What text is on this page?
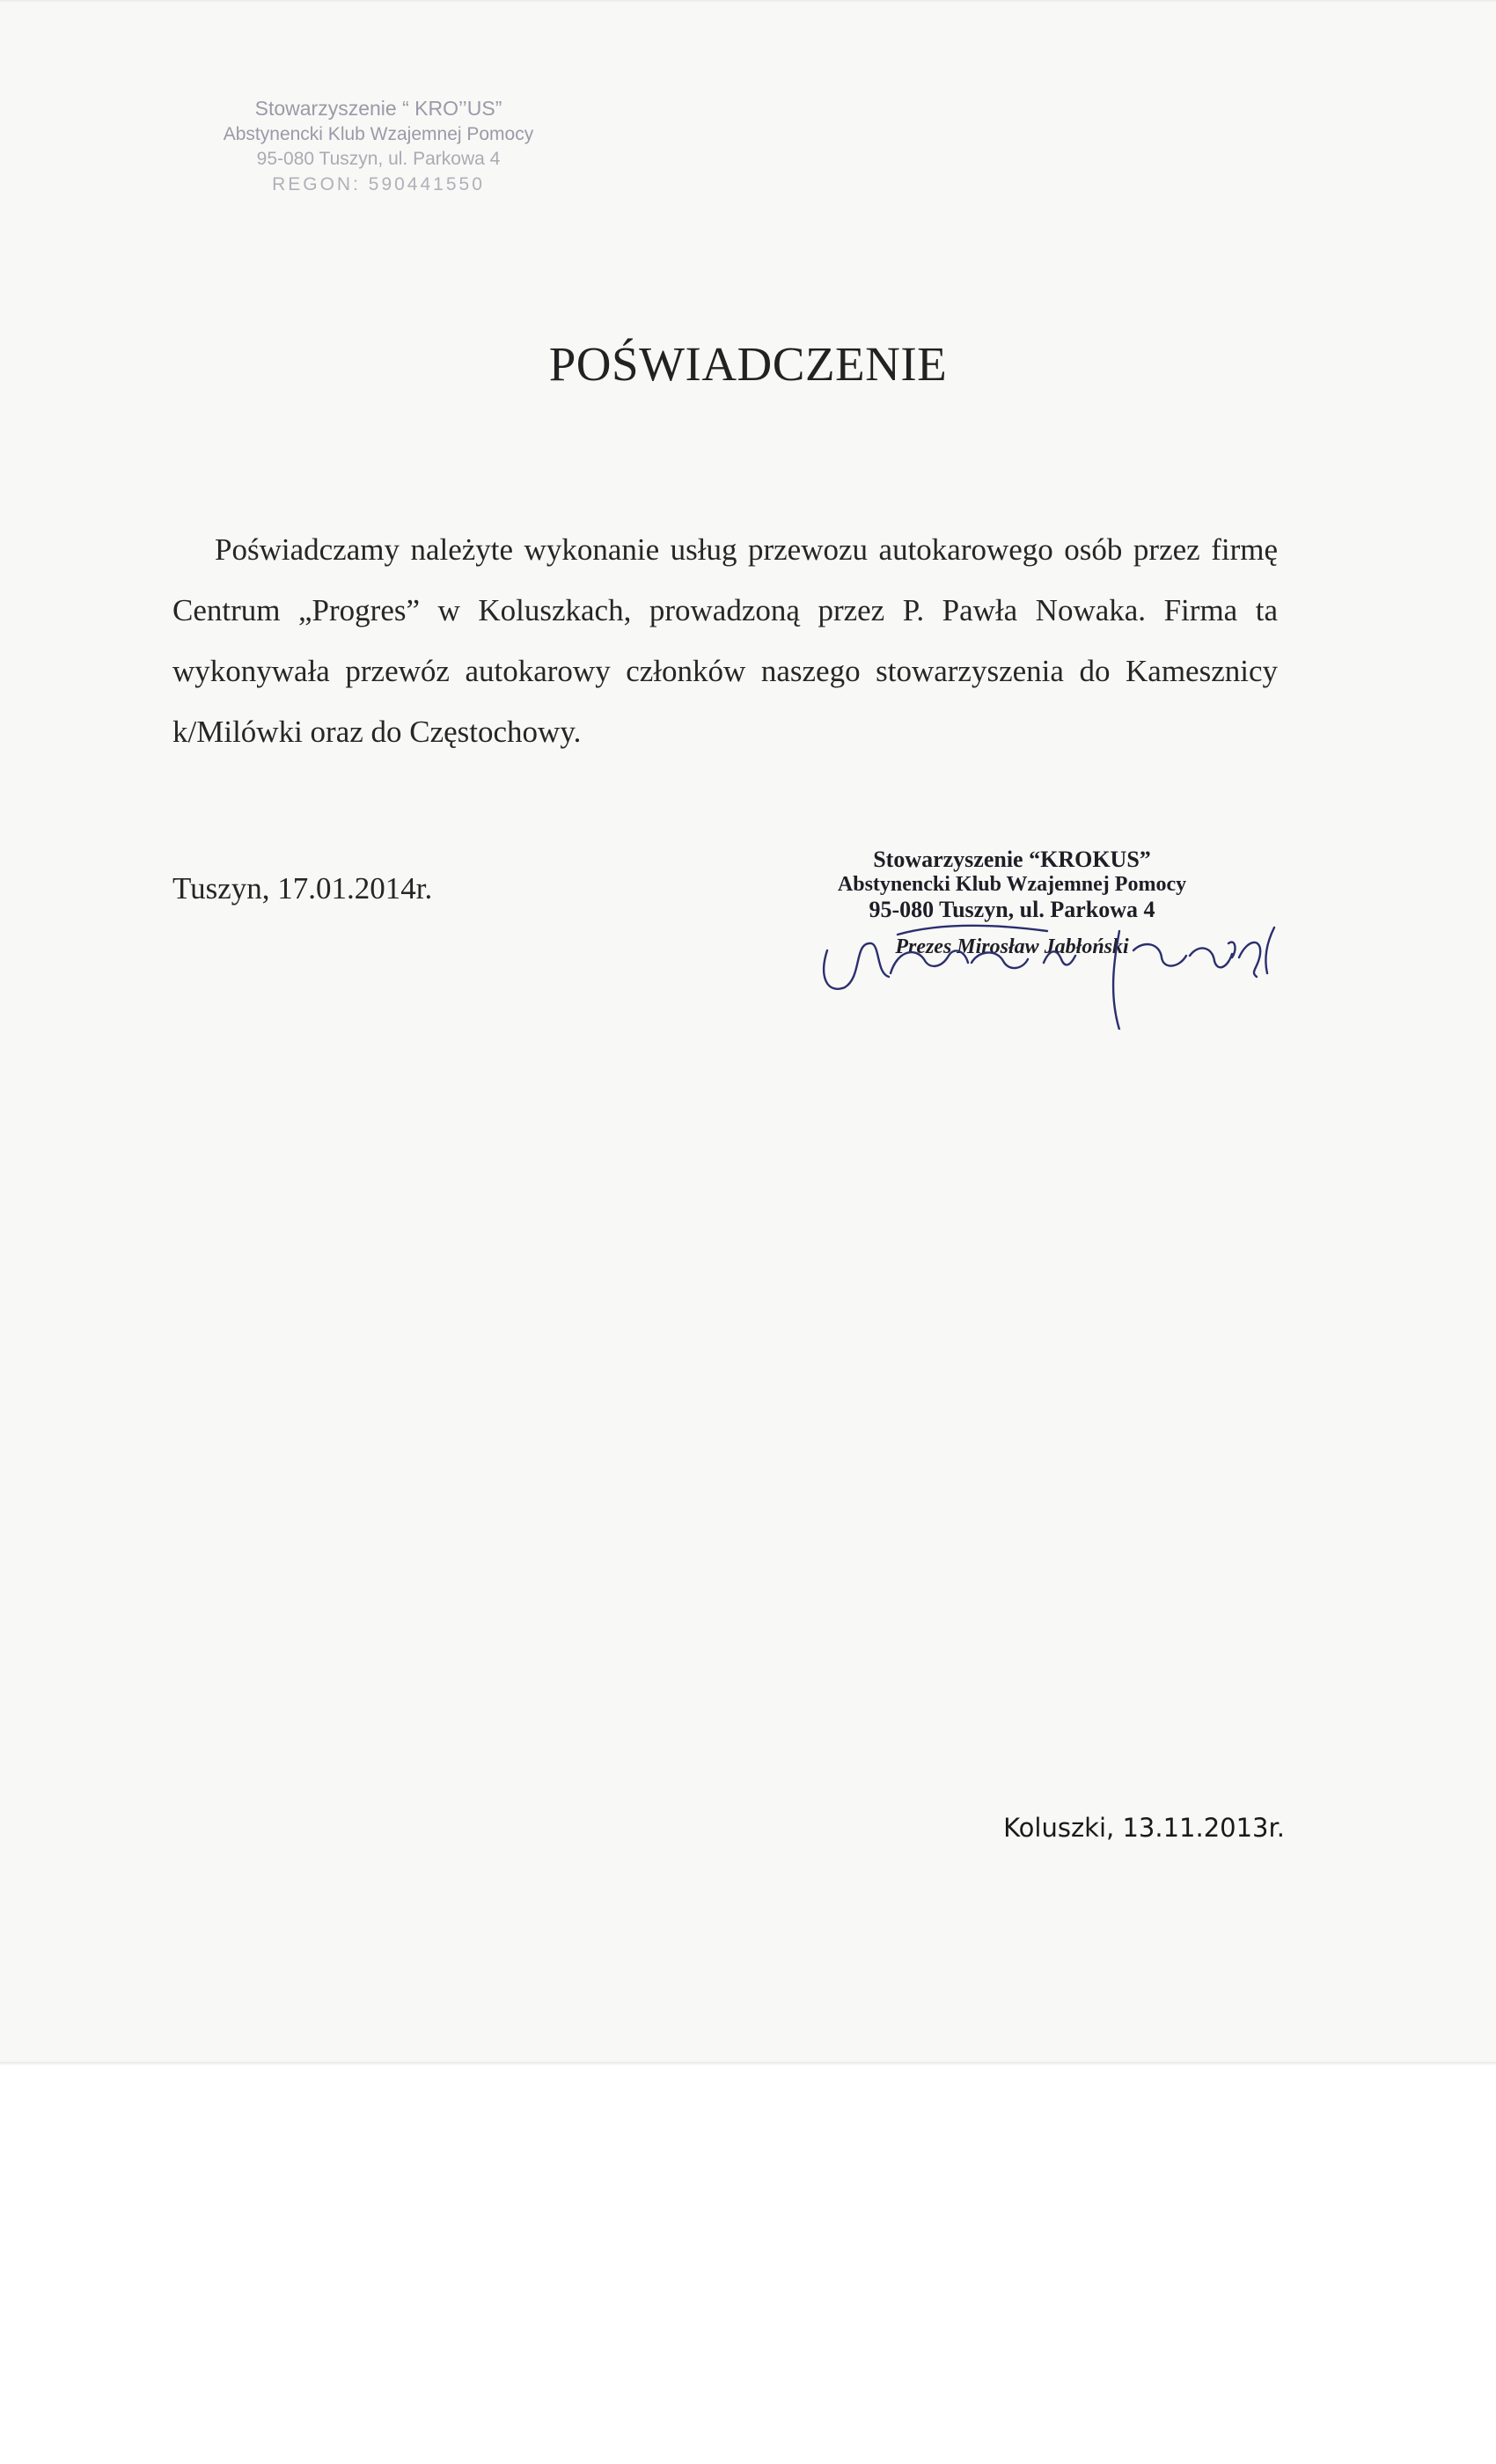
Stowarzyszenie “ KRO’’US”
Abstynencki Klub Wzajemnej Pomocy
95-080 Tuszyn, ul. Parkowa 4
REGON: 590441550
POŚWIADCZENIE
Poświadczamy należyte wykonanie usług przewozu autokarowego osób przez firmę Centrum „Progres” w Koluszkach, prowadzoną przez P. Pawła Nowaka. Firma ta wykonywała przewóz autokarowy członków naszego stowarzyszenia do Kamesznicy k/Milówki oraz do Częstochowy.
Tuszyn, 17.01.2014r.
Stowarzyszenie “KROKUS”
Abstynencki Klub Wzajemnej Pomocy
95-080 Tuszyn, ul. Parkowa 4
Prezes Mirosław Jabłoński
Koluszki, 13.11.2013r.
